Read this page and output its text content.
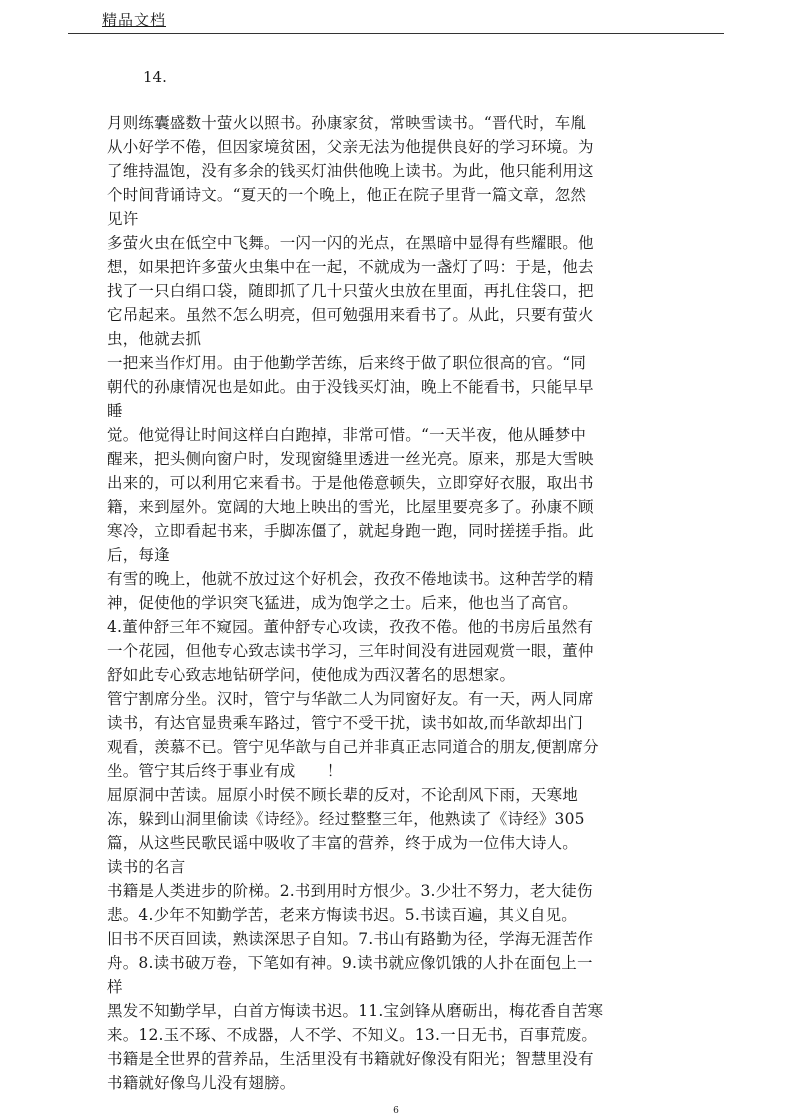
精品文档
14.
月则练囊盛数十萤火以照书。孙康家贫，常映雪读书。“晋代时，车胤
从小好学不倦，但因家境贫困，父亲无法为他提供良好的学习环境。为
了维持温饱，没有多余的钱买灯油供他晚上读书。为此，他只能利用这
个时间背诵诗文。“夏天的一个晚上，他正在院子里背一篇文章，忽然
见许
多萤火虫在低空中飞舞。一闪一闪的光点，在黑暗中显得有些耀眼。他
想，如果把许多萤火虫集中在一起，不就成为一盏灯了吗：于是，他去
找了一只白绢口袋，随即抓了几十只萤火虫放在里面，再扎住袋口，把
它吊起来。虽然不怎么明亮，但可勉强用来看书了。从此，只要有萤火
虫，他就去抓
一把来当作灯用。由于他勤学苦练，后来终于做了职位很高的官。“同
朝代的孙康情况也是如此。由于没钱买灯油，晚上不能看书，只能早早
睡
觉。他觉得让时间这样白白跑掉，非常可惜。“一天半夜，他从睡梦中
醒来，把头侧向窗户时，发现窗缝里透进一丝光亮。原来，那是大雪映
出来的，可以利用它来看书。于是他倦意顿失，立即穿好衣服，取出书
籍，来到屋外。宽阔的大地上映出的雪光，比屋里要亮多了。孙康不顾
寒冷，立即看起书来，手脚冻僵了，就起身跑一跑，同时搓搓手指。此
后，每逢
有雪的晚上，他就不放过这个好机会，孜孜不倦地读书。这种苦学的精
神，促使他的学识突飞猛进，成为饱学之士。后来，他也当了高官。
4.董仲舒三年不窥园。董仲舒专心攻读，孜孜不倦。他的书房后虽然有
一个花园，但他专心致志读书学习，三年时间没有进园观赏一眼，董仲
舒如此专心致志地钻研学问，使他成为西汉著名的思想家。
管宁割席分坐。汉时，管宁与华歆二人为同窗好友。有一天，两人同席
读书，有达官显贵乘车路过，管宁不受干扰，读书如故,而华歆却出门
观看，羡慕不已。管宁见华歆与自己并非真正志同道合的朋友,便割席分
坐。管宁其后终于事业有成　　！
屈原洞中苦读。屈原小时侯不顾长辈的反对，不论刮风下雨，天寒地
冻，躲到山洞里偷读《诗经》。经过整整三年，他熟读了《诗经》305
篇，从这些民歌民谣中吸收了丰富的营养，终于成为一位伟大诗人。
读书的名言
书籍是人类进步的阶梯。2.书到用时方恨少。3.少壮不努力，老大徒伤
悲。4.少年不知勤学苦，老来方悔读书迟。5.书读百遍，其义自见。
旧书不厌百回读，熟读深思子自知。7.书山有路勤为径，学海无涯苦作
舟。8.读书破万卷，下笔如有神。9.读书就应像饥饿的人扑在面包上一
样
黑发不知勤学早，白首方悔读书迟。11.宝剑锋从磨砺出，梅花香自苦寒
来。12.玉不琢、不成器，人不学、不知义。13.一日无书，百事荒废。
书籍是全世界的营养品，生活里没有书籍就好像没有阳光；智慧里没有
书籍就好像鸟儿没有翅膀。
6
